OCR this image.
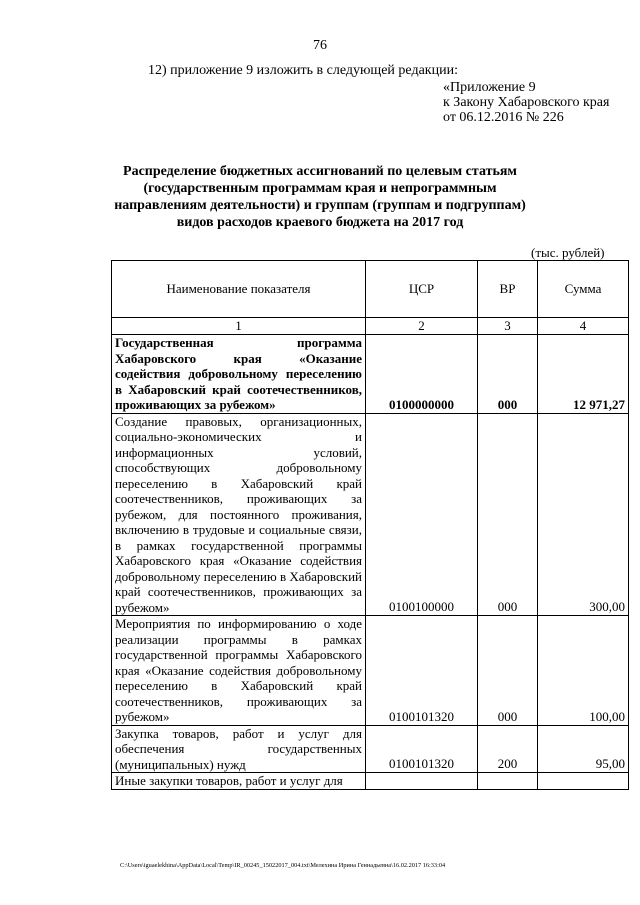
76
12) приложение 9 изложить в следующей редакции:
«Приложение 9
к Закону Хабаровского края
от 06.12.2016 № 226
Распределение бюджетных ассигнований по целевым статьям (государственным программам края и непрограммным направлениям деятельности) и группам (группам и подгруппам) видов расходов краевого бюджета на 2017 год
(тыс. рублей)
Наименование показателя	ЦСР	ВР	Сумма
1	2	3	4
Государственная программа Хабаровского края «Оказание содействия добровольному переселению в Хабаровский край соотечественников, проживающих за рубежом»	0100000000	000	12 971,27
Создание правовых, организационных, социально-экономических и информационных условий, способствующих добровольному переселению в Хабаровский край соотечественников, проживающих за рубежом, для постоянного проживания, включению в трудовые и социальные связи, в рамках государственной программы Хабаровского края «Оказание содействия добровольному переселению в Хабаровский край соотечественников, проживающих за рубежом»	0100100000	000	300,00
Мероприятия по информированию о ходе реализации программы в рамках государственной программы Хабаровского края «Оказание содействия добровольному переселению в Хабаровский край соотечественников, проживающих за рубежом»	0100101320	000	100,00
Закупка товаров, работ и услуг для обеспечения государственных (муниципальных) нужд	0100101320	200	95,00
Иные закупки товаров, работ и услуг для			
C:\Users\iguaelekhina\AppData\Local\Temp\IR_00245_15022017_004.txt\Мелехина Ирина Геннадьевна\16.02.2017 16:33:04
